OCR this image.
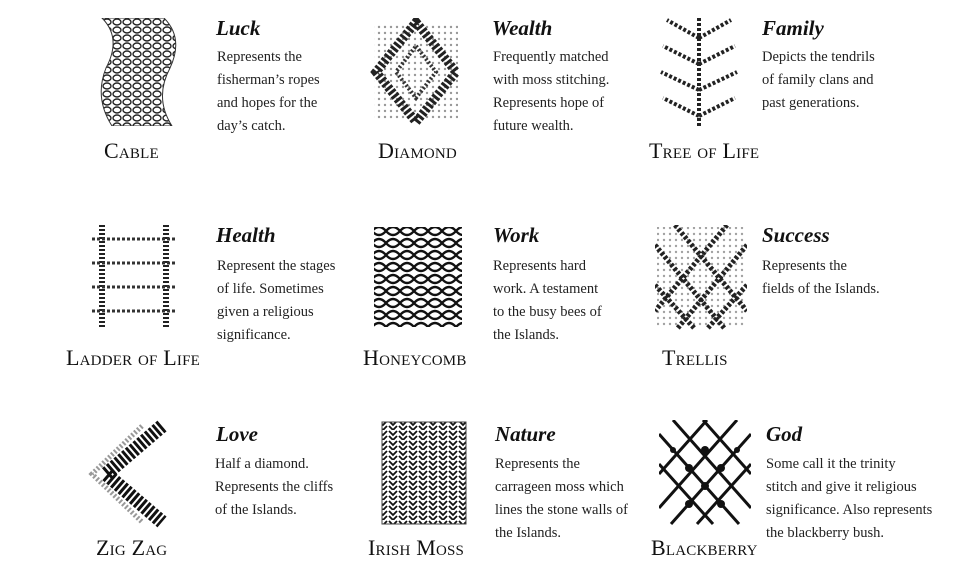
Luck
Represents the
fisherman’s ropes
and hopes for the
day’s catch.
Cable
Wealth
Frequently matched
with moss stitching.
Represents hope of
future wealth.
Diamond
Family
Depicts the tendrils
of family clans and
past generations.
Tree of Life
Health
Represent the stages
of life. Sometimes
given a religious
significance.
Ladder of Life
Work
Represents hard
work. A testament
to the busy bees of
the Islands.
Honeycomb
Success
Represents the
fields of the Islands.
Trellis
Love
Half a diamond.
Represents the cliffs
of the Islands.
Zig Zag
Nature
Represents the
carrageen moss which
lines the stone walls of
the Islands.
Irish Moss
God
Some call it the trinity
stitch and give it religious
significance. Also represents
the blackberry bush.
Blackberry
